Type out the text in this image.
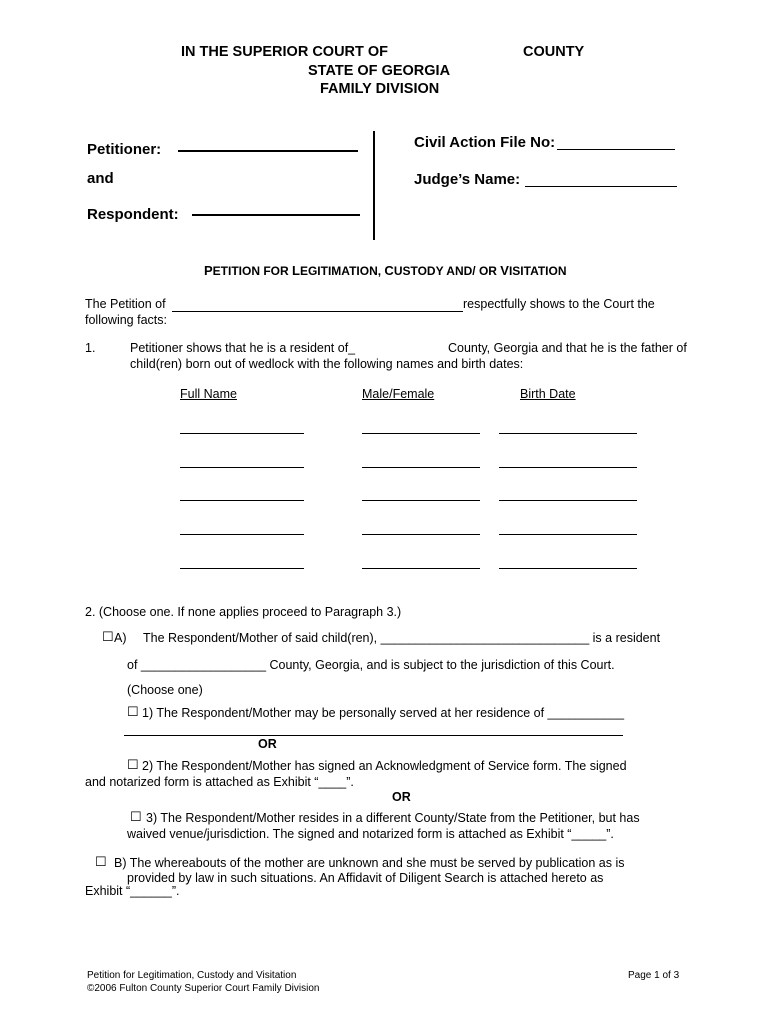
IN THE SUPERIOR COURT OF	COUNTY
STATE OF GEORGIA
FAMILY DIVISION
Petitioner:
and
Respondent:
Civil Action File No:
Judge’s Name:
PETITION FOR LEGITIMATION, CUSTODY AND/ OR VISITATION
The Petition of	respectfully shows to the Court the
following facts:
1.	Petitioner shows that he is a resident of_	County, Georgia and that he is the father of
child(ren) born out of wedlock with the following names and birth dates:
Full Name	Male/Female	Birth Date
2. (Choose one. If none applies proceed to Paragraph 3.)
☐ A) The Respondent/Mother of said child(ren), ______________________________ is a resident
of __________________ County, Georgia, and is subject to the jurisdiction of this Court.
(Choose one)
☐ 1) The Respondent/Mother may be personally served at her residence of ___________
OR
☐ 2) The Respondent/Mother has signed an Acknowledgment of Service form. The signed
and notarized form is attached as Exhibit “____”.
OR
☐ 3) The Respondent/Mother resides in a different County/State from the Petitioner, but has
waived venue/jurisdiction. The signed and notarized form is attached as Exhibit “_____”.
☐ B) The whereabouts of the mother are unknown and she must be served by publication as is
provided by law in such situations. An Affidavit of Diligent Search is attached hereto as
Exhibit “______”.
Petition for Legitimation, Custody and Visitation
©2006 Fulton County Superior Court Family Division
Page 1 of 3
